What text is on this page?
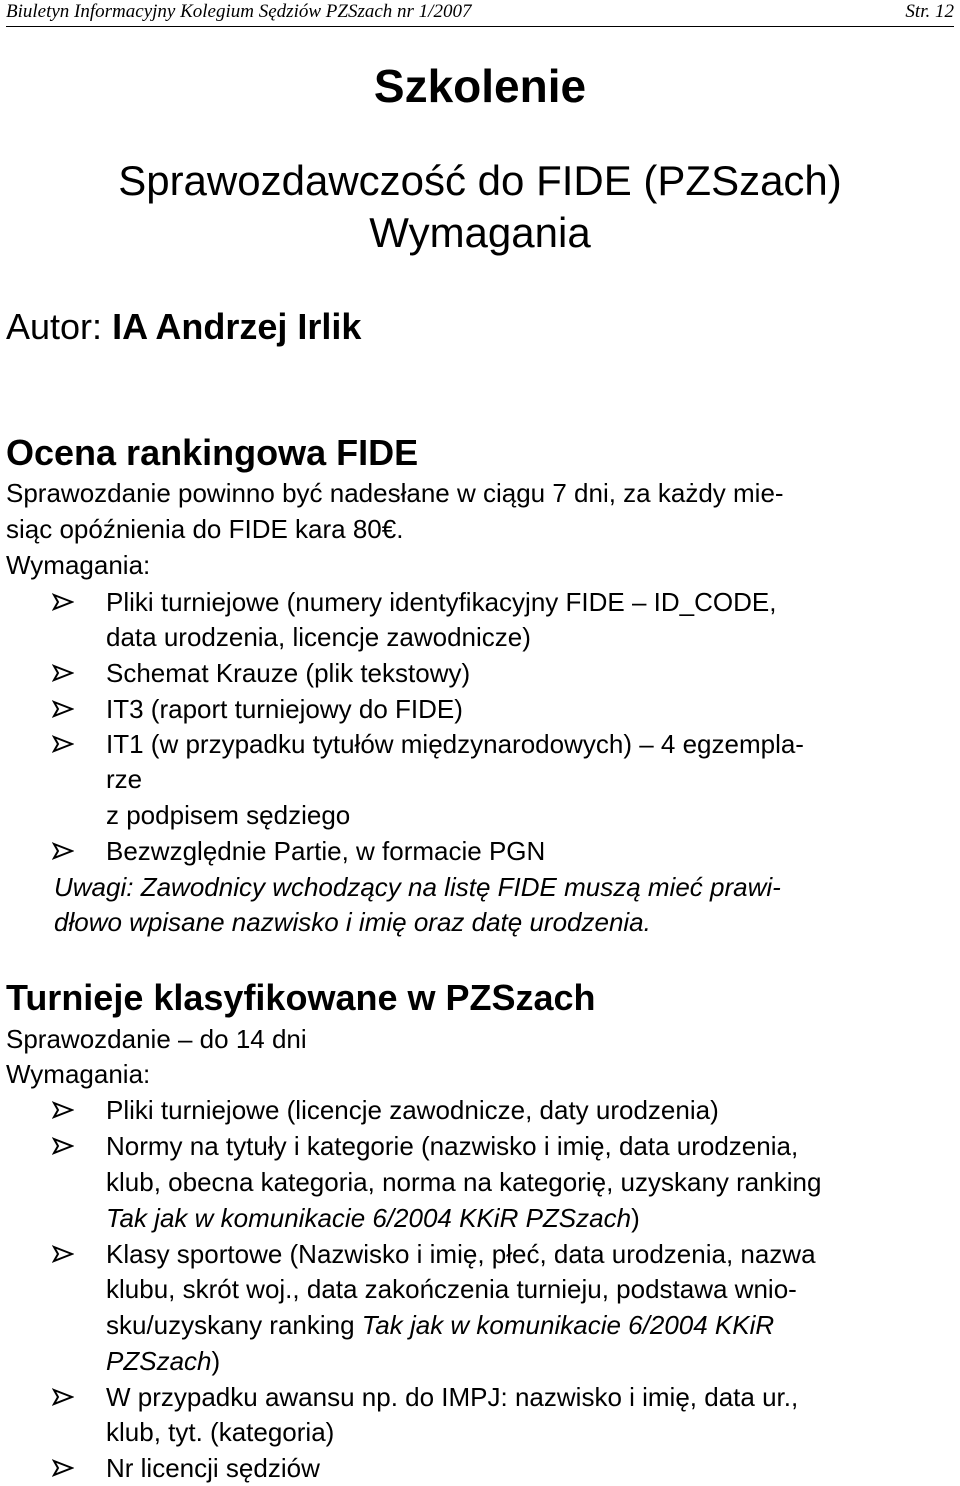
Biuletyn Informacyjny Kolegium Sędziów PZSzach nr 1/2007	Str. 12
Szkolenie
Sprawozdawczość do FIDE (PZSzach)
Wymagania
Autor: IA Andrzej Irlik
Ocena rankingowa FIDE
Sprawozdanie powinno być nadesłane w ciągu 7 dni, za każdy mie-
siąc opóźnienia do FIDE kara 80€.
Wymagania:
Pliki turniejowe (numery identyfikacyjny FIDE – ID_CODE,
data urodzenia, licencje zawodnicze)
Schemat Krauze (plik tekstowy)
IT3 (raport turniejowy do FIDE)
IT1 (w przypadku tytułów międzynarodowych) – 4 egzempla-
rze
z podpisem sędziego
Bezwzględnie Partie, w formacie PGN
Uwagi: Zawodnicy wchodzący na listę FIDE muszą mieć prawi-
dłowo wpisane nazwisko i imię oraz datę urodzenia.
Turnieje klasyfikowane w PZSzach
Sprawozdanie – do 14 dni
Wymagania:
Pliki turniejowe (licencje zawodnicze, daty urodzenia)
Normy na tytuły i kategorie (nazwisko i imię, data urodzenia,
klub, obecna kategoria, norma na kategorię, uzyskany ranking
Tak jak w komunikacie 6/2004 KKiR PZSzach)
Klasy sportowe (Nazwisko i imię, płeć, data urodzenia, nazwa
klubu, skrót woj., data zakończenia turnieju, podstawa wnio-
sku/uzyskany ranking Tak jak w komunikacie 6/2004 KKiR
PZSzach)
W przypadku awansu np. do IMPJ: nazwisko i imię, data ur.,
klub, tyt. (kategoria)
Nr licencji sędziów
